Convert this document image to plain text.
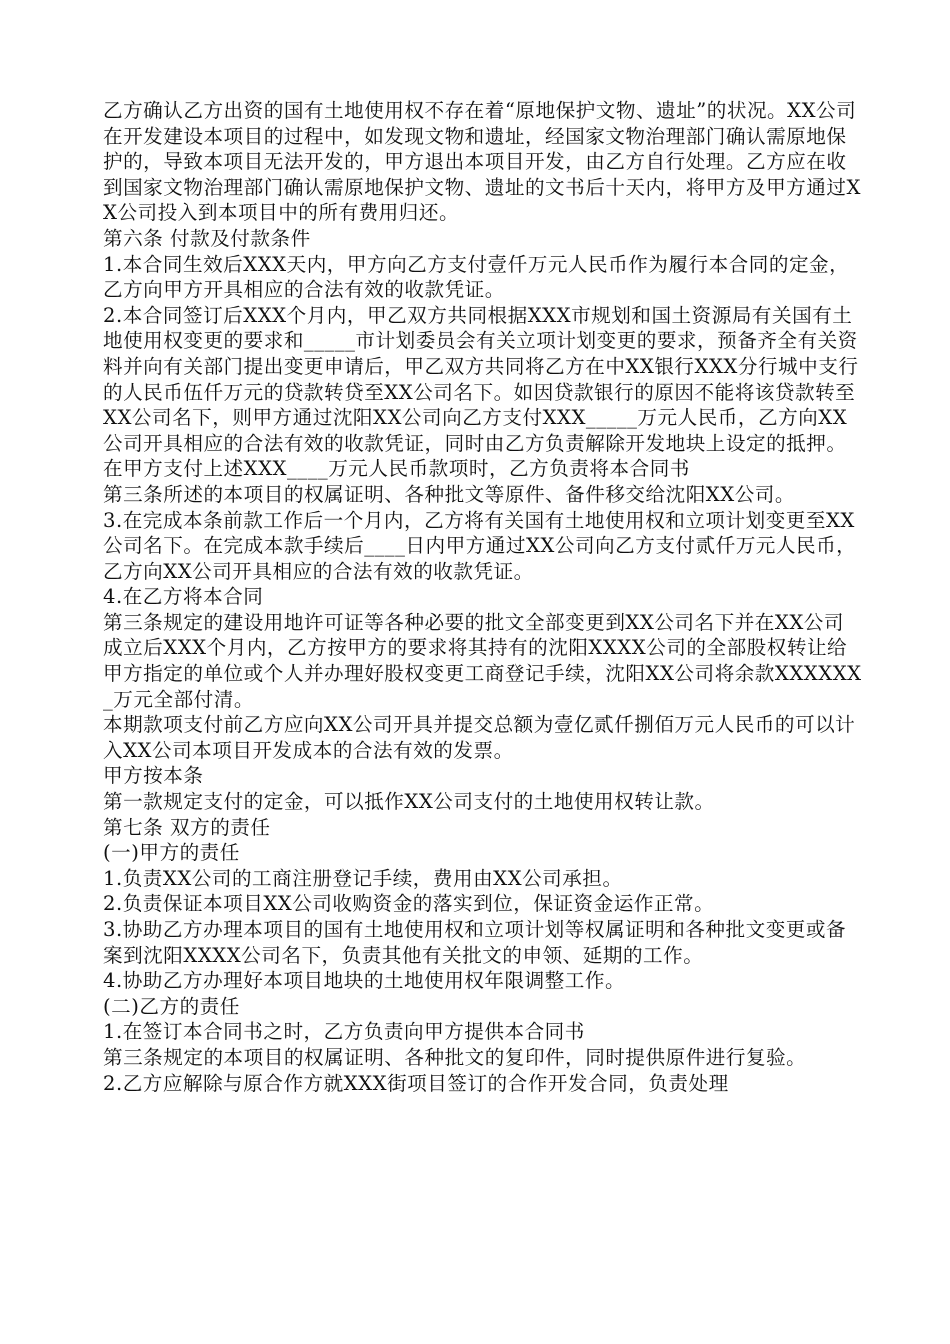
乙方确认乙方出资的国有土地使用权不存在着“原地保护文物、遗址”的状况。XX公司在开发建设本项目的过程中，如发现文物和遗址，经国家文物治理部门确认需原地保护的，导致本项目无法开发的，甲方退出本项目开发，由乙方自行处理。乙方应在收到国家文物治理部门确认需原地保护文物、遗址的文书后十天内，将甲方及甲方通过XX公司投入到本项目中的所有费用归还。

第六条 付款及付款条件

1.本合同生效后XXX天内，甲方向乙方支付壹仟万元人民币作为履行本合同的定金，乙方向甲方开具相应的合法有效的收款凭证。

2.本合同签订后XXX个月内，甲乙双方共同根据XXX市规划和国土资源局有关国有土地使用权变更的要求和_____市计划委员会有关立项计划变更的要求，预备齐全有关资料并向有关部门提出变更申请后，甲乙双方共同将乙方在中XX银行XXX分行城中支行的人民币伍仟万元的贷款转贷至XX公司名下。如因贷款银行的原因不能将该贷款转至XX公司名下，则甲方通过沈阳XX公司向乙方支付XXX_____万元人民币，乙方向XX公司开具相应的合法有效的收款凭证，同时由乙方负责解除开发地块上设定的抵押。

在甲方支付上述XXX____万元人民币款项时，乙方负责将本合同书

第三条所述的本项目的权属证明、各种批文等原件、备件移交给沈阳XX公司。

3.在完成本条前款工作后一个月内，乙方将有关国有土地使用权和立项计划变更至XX公司名下。在完成本款手续后____日内甲方通过XX公司向乙方支付贰仟万元人民币，乙方向XX公司开具相应的合法有效的收款凭证。

4.在乙方将本合同

第三条规定的建设用地许可证等各种必要的批文全部变更到XX公司名下并在XX公司成立后XXX个月内，乙方按甲方的要求将其持有的沈阳XXXX公司的全部股权转让给甲方指定的单位或个人并办理好股权变更工商登记手续，沈阳XX公司将余款XXXXXX_万元全部付清。

本期款项支付前乙方应向XX公司开具并提交总额为壹亿贰仟捌佰万元人民币的可以计入XX公司本项目开发成本的合法有效的发票。

甲方按本条

第一款规定支付的定金，可以抵作XX公司支付的土地使用权转让款。

第七条 双方的责任

(一)甲方的责任

1.负责XX公司的工商注册登记手续，费用由XX公司承担。

2.负责保证本项目XX公司收购资金的落实到位，保证资金运作正常。

3.协助乙方办理本项目的国有土地使用权和立项计划等权属证明和各种批文变更或备案到沈阳XXXX公司名下，负责其他有关批文的申领、延期的工作。

4.协助乙方办理好本项目地块的土地使用权年限调整工作。

(二)乙方的责任

1.在签订本合同书之时，乙方负责向甲方提供本合同书

第三条规定的本项目的权属证明、各种批文的复印件，同时提供原件进行复验。

2.乙方应解除与原合作方就XXX街项目签订的合作开发合同，负责处理
